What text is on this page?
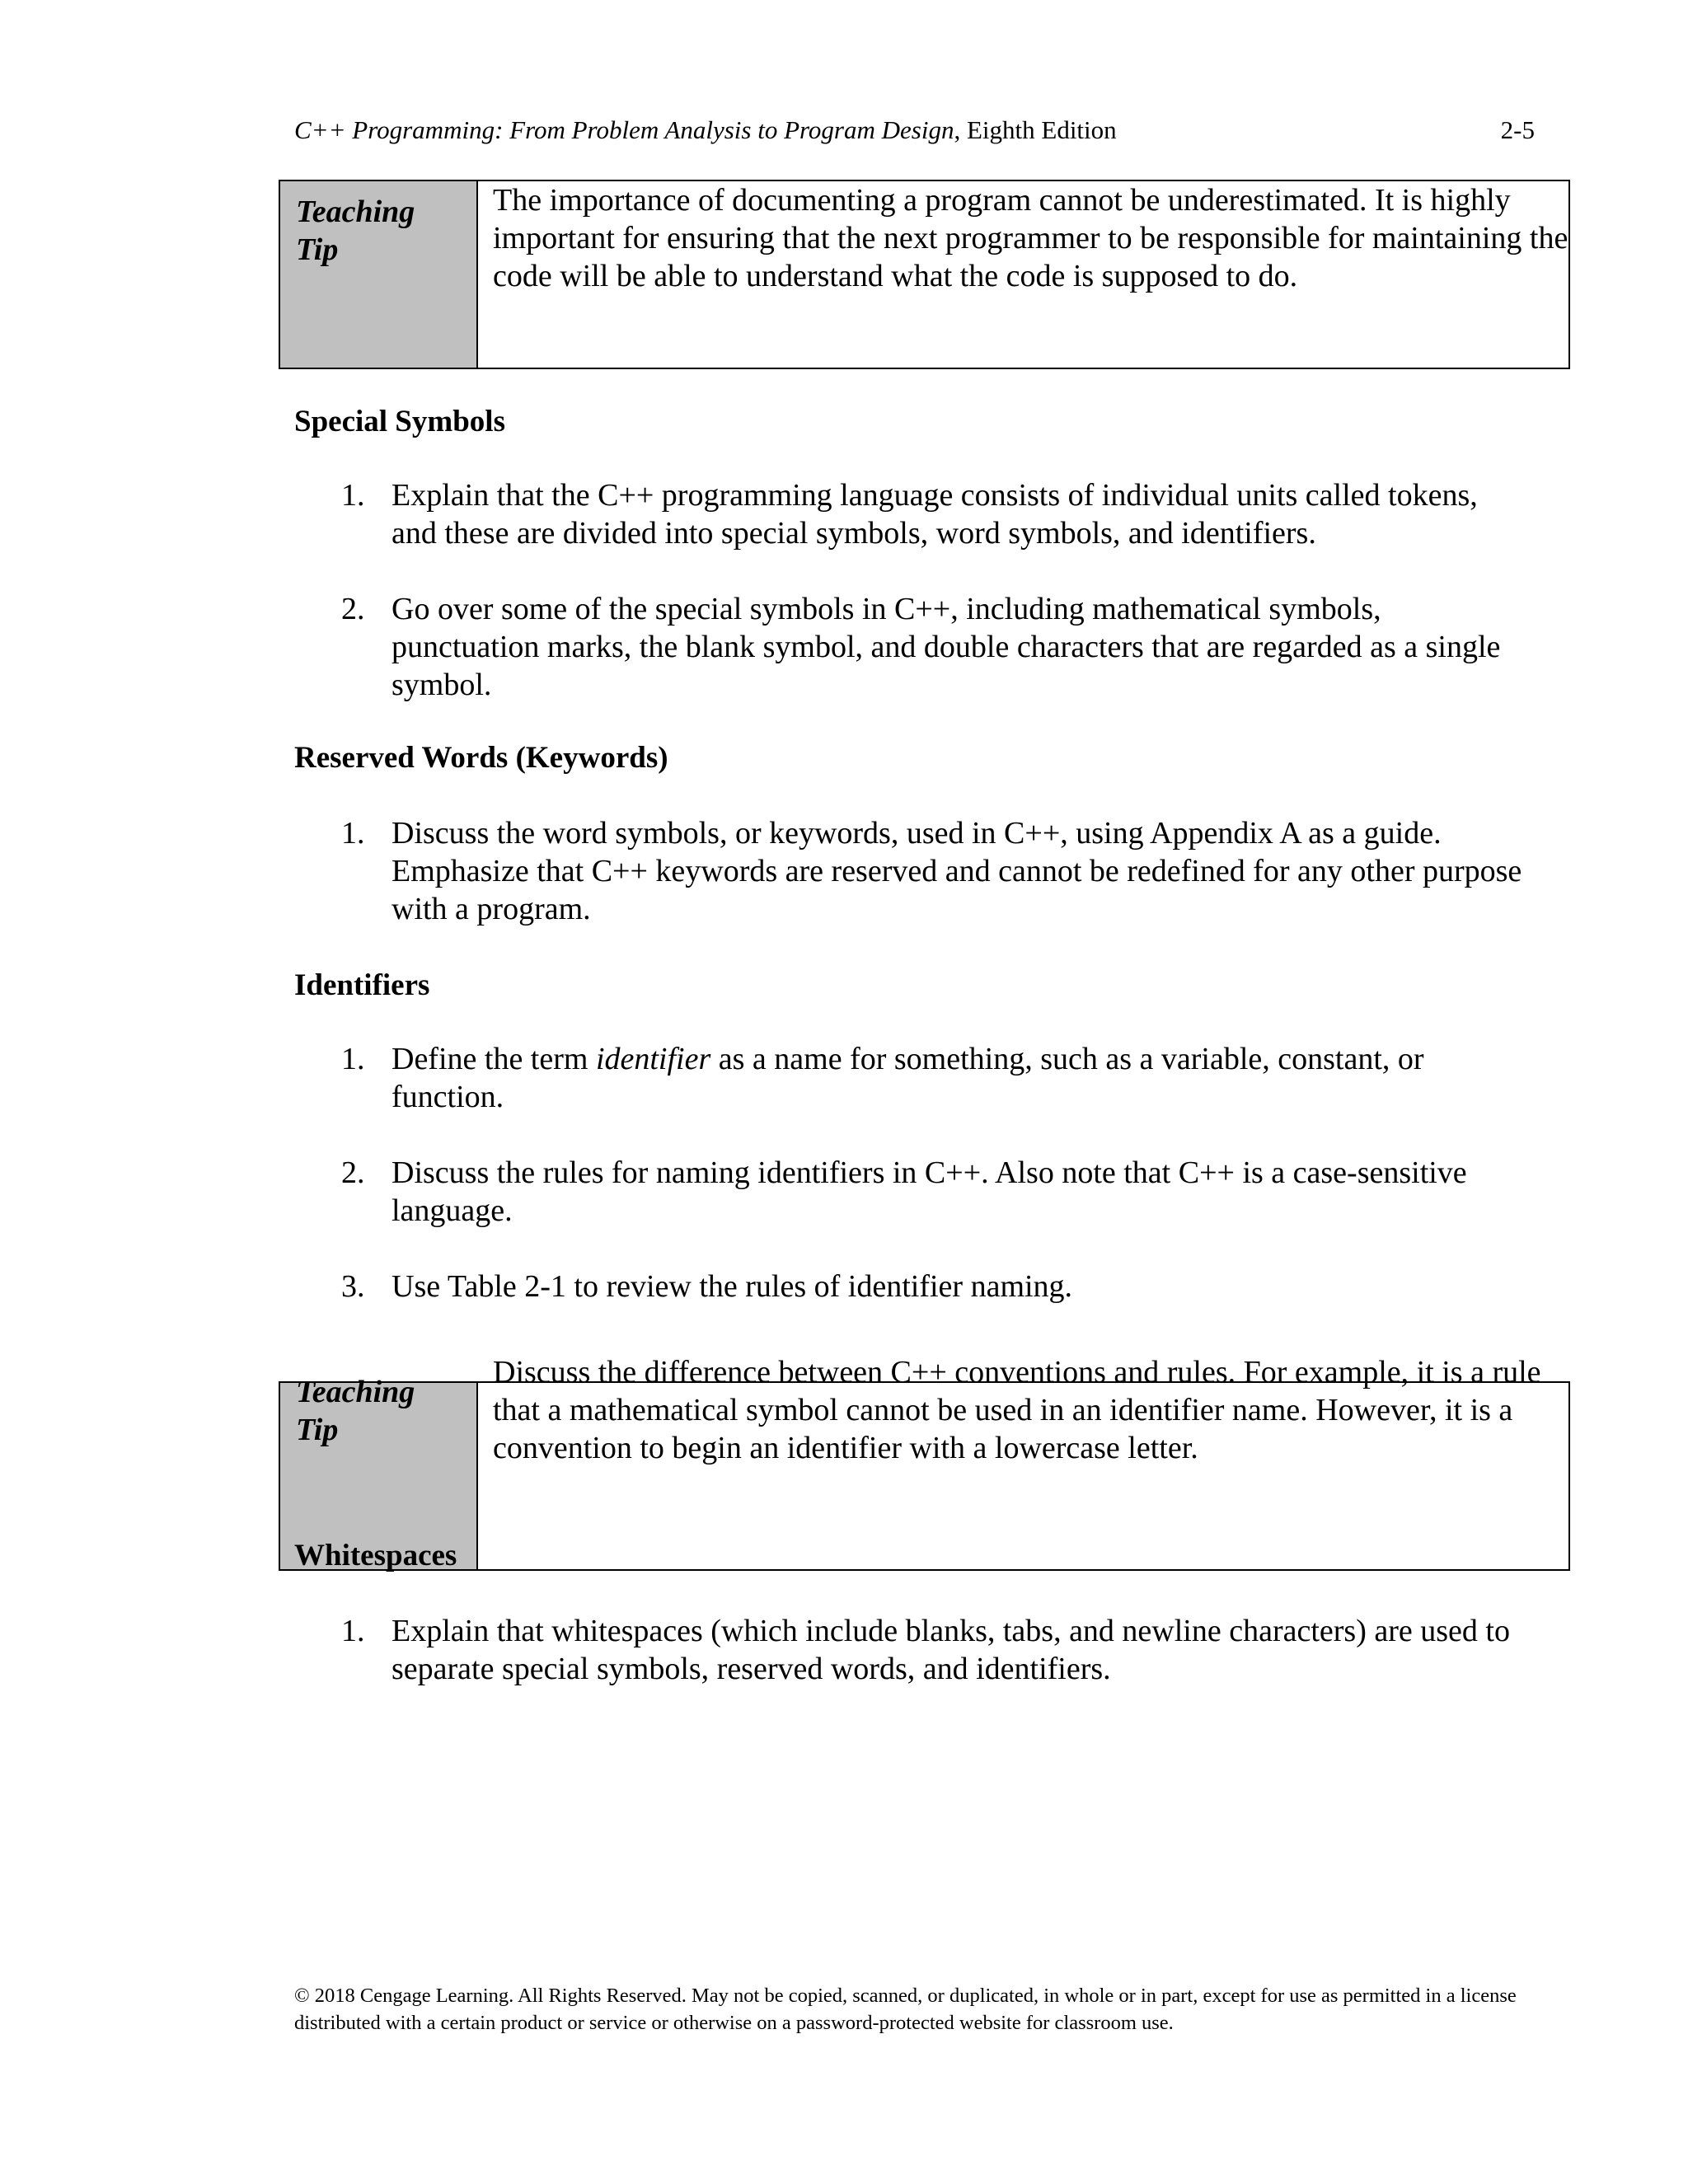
C++ Programming: From Problem Analysis to Program Design, Eighth Edition	2-5
Teaching
Tip
The importance of documenting a program cannot be underestimated. It is highly important for ensuring that the next programmer to be responsible for maintaining the code will be able to understand what the code is supposed to do.
Special Symbols
1. Explain that the C++ programming language consists of individual units called tokens, and these are divided into special symbols, word symbols, and identifiers.
2. Go over some of the special symbols in C++, including mathematical symbols, punctuation marks, the blank symbol, and double characters that are regarded as a single symbol.
Reserved Words (Keywords)
1. Discuss the word symbols, or keywords, used in C++, using Appendix A as a guide. Emphasize that C++ keywords are reserved and cannot be redefined for any other purpose with a program.
Identifiers
1. Define the term identifier as a name for something, such as a variable, constant, or function.
2. Discuss the rules for naming identifiers in C++. Also note that C++ is a case-sensitive language.
3. Use Table 2-1 to review the rules of identifier naming.
Teaching
Tip
Discuss the difference between C++ conventions and rules. For example, it is a rule that a mathematical symbol cannot be used in an identifier name. However, it is a convention to begin an identifier with a lowercase letter.
Whitespaces
1. Explain that whitespaces (which include blanks, tabs, and newline characters) are used to separate special symbols, reserved words, and identifiers.
© 2018 Cengage Learning. All Rights Reserved. May not be copied, scanned, or duplicated, in whole or in part, except for use as permitted in a license distributed with a certain product or service or otherwise on a password-protected website for classroom use.
